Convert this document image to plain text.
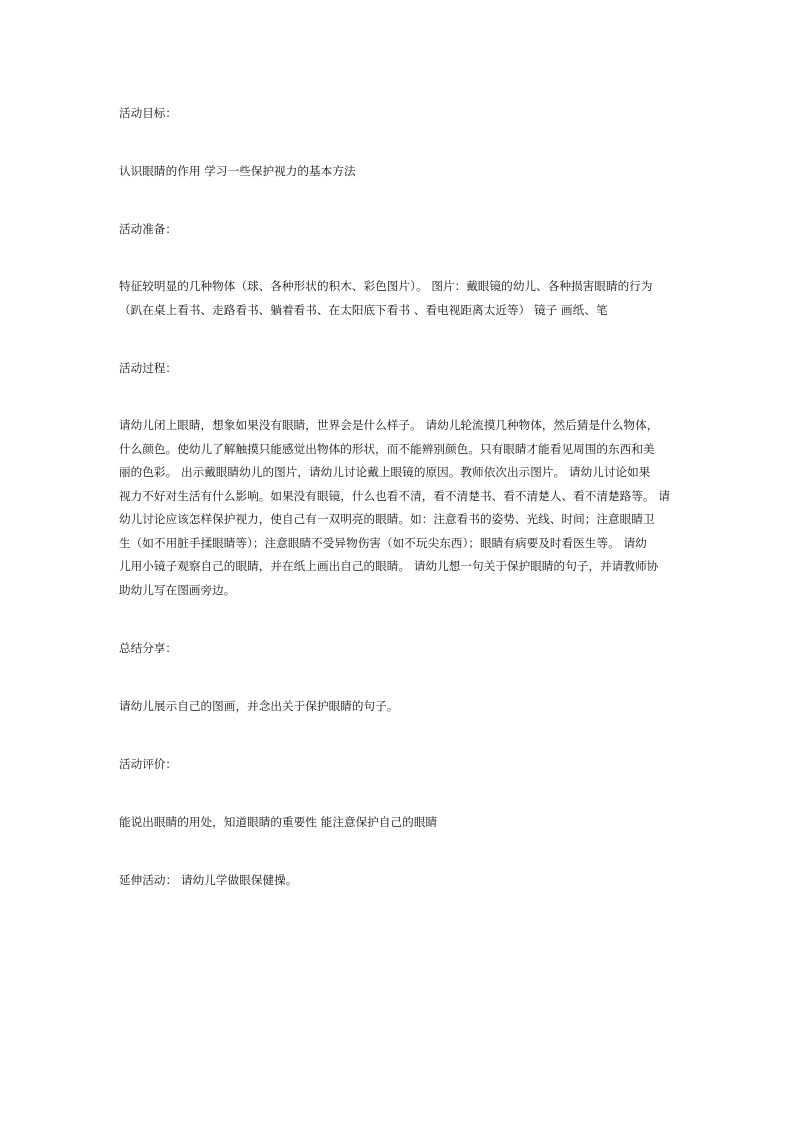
活动目标：
认识眼睛的作用 学习一些保护视力的基本方法
活动准备：
特征较明显的几种物体（球、各种形状的积木、彩色图片）。 图片：戴眼镜的幼儿、各种损害眼睛的行为
（趴在桌上看书、走路看书、躺着看书、在太阳底下看书 、看电视距离太近等） 镜子 画纸、笔
活动过程：
请幼儿闭上眼睛，想象如果没有眼睛，世界会是什么样子。 请幼儿轮流摸几种物体，然后猜是什么物体，
什么颜色。使幼儿了解触摸只能感觉出物体的形状，而不能辨别颜色。只有眼睛才能看见周围的东西和美
丽的色彩。 出示戴眼睛幼儿的图片，请幼儿讨论戴上眼镜的原因。教师依次出示图片。 请幼儿讨论如果
视力不好对生活有什么影响。如果没有眼镜，什么也看不清，看不清楚书、看不清楚人、看不清楚路等。 请
幼儿讨论应该怎样保护视力，使自己有一双明亮的眼睛。如：注意看书的姿势、光线、时间；注意眼睛卫
生（如不用脏手揉眼睛等）；注意眼睛不受异物伤害（如不玩尖东西）；眼睛有病要及时看医生等。 请幼
儿用小镜子观察自己的眼睛，并在纸上画出自己的眼睛。 请幼儿想一句关于保护眼睛的句子，并请教师协
助幼儿写在图画旁边。
总结分享：
请幼儿展示自己的图画，并念出关于保护眼睛的句子。
活动评价：
能说出眼睛的用处，知道眼睛的重要性 能注意保护自己的眼睛
延伸活动： 请幼儿学做眼保健操。
